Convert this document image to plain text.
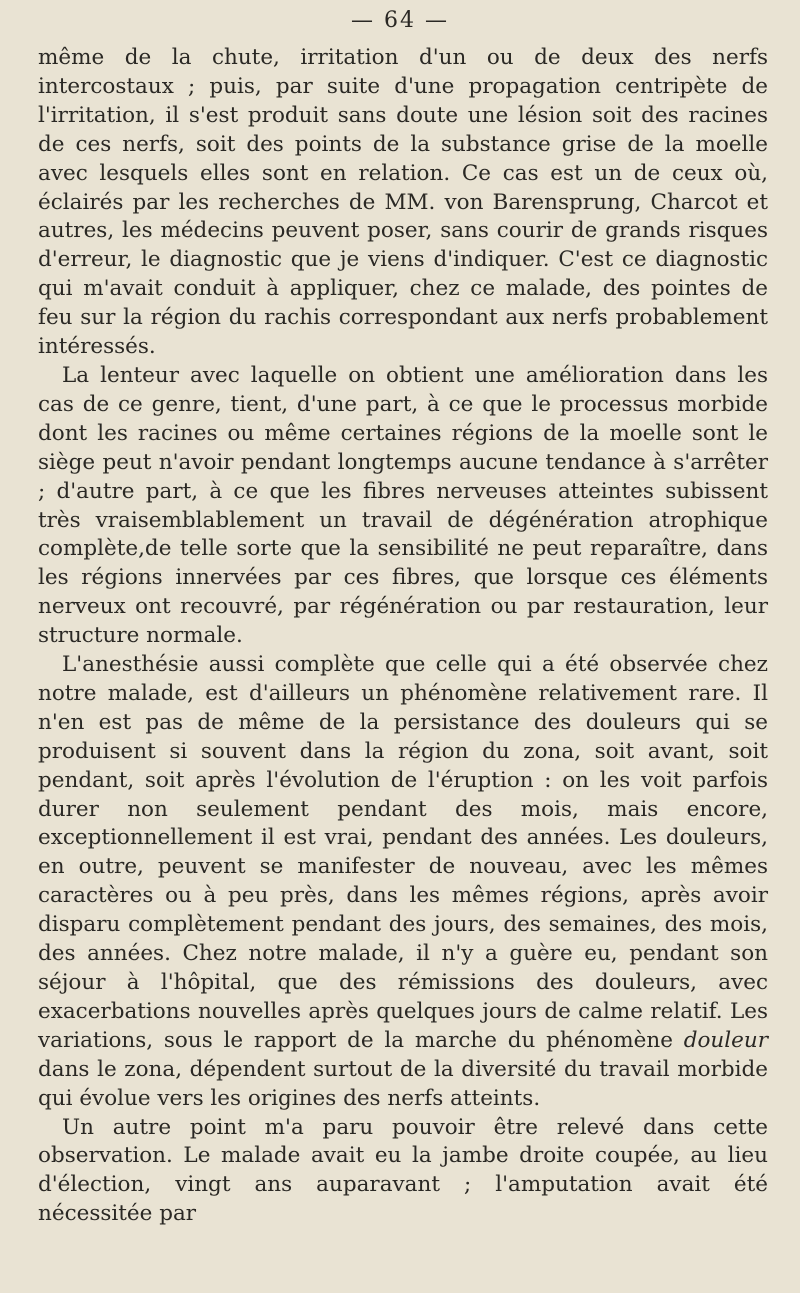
— 64 —

même de la chute, irritation d'un ou de deux des nerfs intercostaux ; puis, par suite d'une propagation centripète de l'irritation, il s'est produit sans doute une lésion soit des racines de ces nerfs, soit des points de la substance grise de la moelle avec lesquels elles sont en relation. Ce cas est un de ceux où, éclairés par les recherches de MM. von Barensprung, Charcot et autres, les médecins peuvent poser, sans courir de grands risques d'erreur, le diagnostic que je viens d'indiquer. C'est ce diagnostic qui m'avait conduit à appliquer, chez ce malade, des pointes de feu sur la région du rachis correspondant aux nerfs probablement intéressés.

La lenteur avec laquelle on obtient une amélioration dans les cas de ce genre, tient, d'une part, à ce que le processus morbide dont les racines ou même certaines régions de la moelle sont le siège peut n'avoir pendant longtemps aucune tendance à s'arrêter ; d'autre part, à ce que les fibres nerveuses atteintes subissent très vraisemblablement un travail de dégénération atrophique complète,de telle sorte que la sensibilité ne peut reparaître, dans les régions innervées par ces fibres, que lorsque ces éléments nerveux ont recouvré, par régénération ou par restauration, leur structure normale.

L'anesthésie aussi complète que celle qui a été observée chez notre malade, est d'ailleurs un phénomène relativement rare. Il n'en est pas de même de la persistance des douleurs qui se produisent si souvent dans la région du zona, soit avant, soit pendant, soit après l'évolution de l'éruption : on les voit parfois durer non seulement pendant des mois, mais encore, exceptionnellement il est vrai, pendant des années. Les douleurs, en outre, peuvent se manifester de nouveau, avec les mêmes caractères ou à peu près, dans les mêmes régions, après avoir disparu complètement pendant des jours, des semaines, des mois, des années. Chez notre malade, il n'y a guère eu, pendant son séjour à l'hôpital, que des rémissions des douleurs, avec exacerbations nouvelles après quelques jours de calme relatif. Les variations, sous le rapport de la marche du phénomène douleur dans le zona, dépendent surtout de la diversité du travail morbide qui évolue vers les origines des nerfs atteints.

Un autre point m'a paru pouvoir être relevé dans cette observation. Le malade avait eu la jambe droite coupée, au lieu d'élection, vingt ans auparavant ; l'amputation avait été nécessitée par
